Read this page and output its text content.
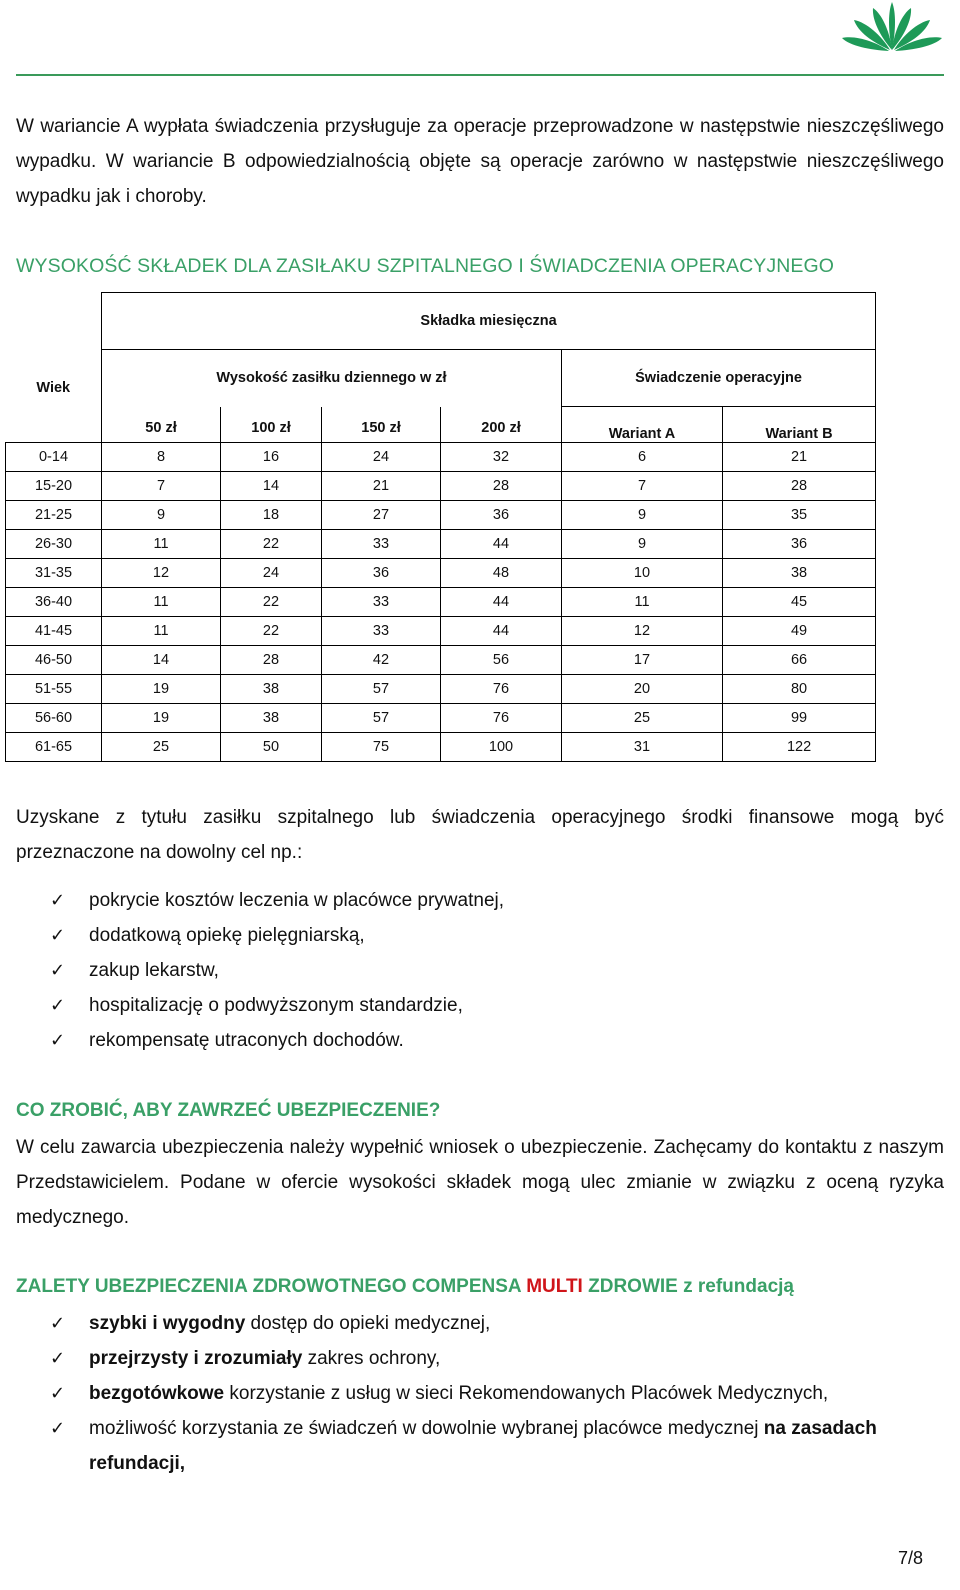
W wariancie A wypłata świadczenia przysługuje za operacje przeprowadzone w następstwie nieszczęśliwego wypadku. W wariancie B odpowiedzialnością objęte są operacje zarówno w następstwie nieszczęśliwego wypadku jak i choroby.
WYSOKOŚĆ SKŁADEK DLA ZASIŁAKU SZPITALNEGO I ŚWIADCZENIA OPERACYJNEGO
	Składka miesięczna					
Wiek	Wysokość zasiłku dziennego w zł				Świadczenie operacyjne	
	50 zł	100 zł	150 zł	200 zł	Wariant A	Wariant B
0-14	8	16	24	32	6	21
15-20	7	14	21	28	7	28
21-25	9	18	27	36	9	35
26-30	11	22	33	44	9	36
31-35	12	24	36	48	10	38
36-40	11	22	33	44	11	45
41-45	11	22	33	44	12	49
46-50	14	28	42	56	17	66
51-55	19	38	57	76	20	80
56-60	19	38	57	76	25	99
61-65	25	50	75	100	31	122
Uzyskane z tytułu zasiłku szpitalnego lub świadczenia operacyjnego środki finansowe mogą być przeznaczone na dowolny cel np.:
✓ pokrycie kosztów leczenia w placówce prywatnej,
✓ dodatkową opiekę pielęgniarską,
✓ zakup lekarstw,
✓ hospitalizację o podwyższonym standardzie,
✓ rekompensatę utraconych dochodów.
CO ZROBIĆ, ABY ZAWRZEĆ UBEZPIECZENIE?
W celu zawarcia ubezpieczenia należy wypełnić wniosek o ubezpieczenie. Zachęcamy do kontaktu z naszym Przedstawicielem. Podane w ofercie wysokości składek mogą ulec zmianie w związku z oceną ryzyka medycznego.
ZALETY UBEZPIECZENIA ZDROWOTNEGO COMPENSA MULTI ZDROWIE z refundacją
✓ szybki i wygodny dostęp do opieki medycznej,
✓ przejrzysty i zrozumiały zakres ochrony,
✓ bezgotówkowe korzystanie z usług w sieci Rekomendowanych Placówek Medycznych,
✓ możliwość korzystania ze świadczeń w dowolnie wybranej placówce medycznej na zasadach refundacji,
7/8
